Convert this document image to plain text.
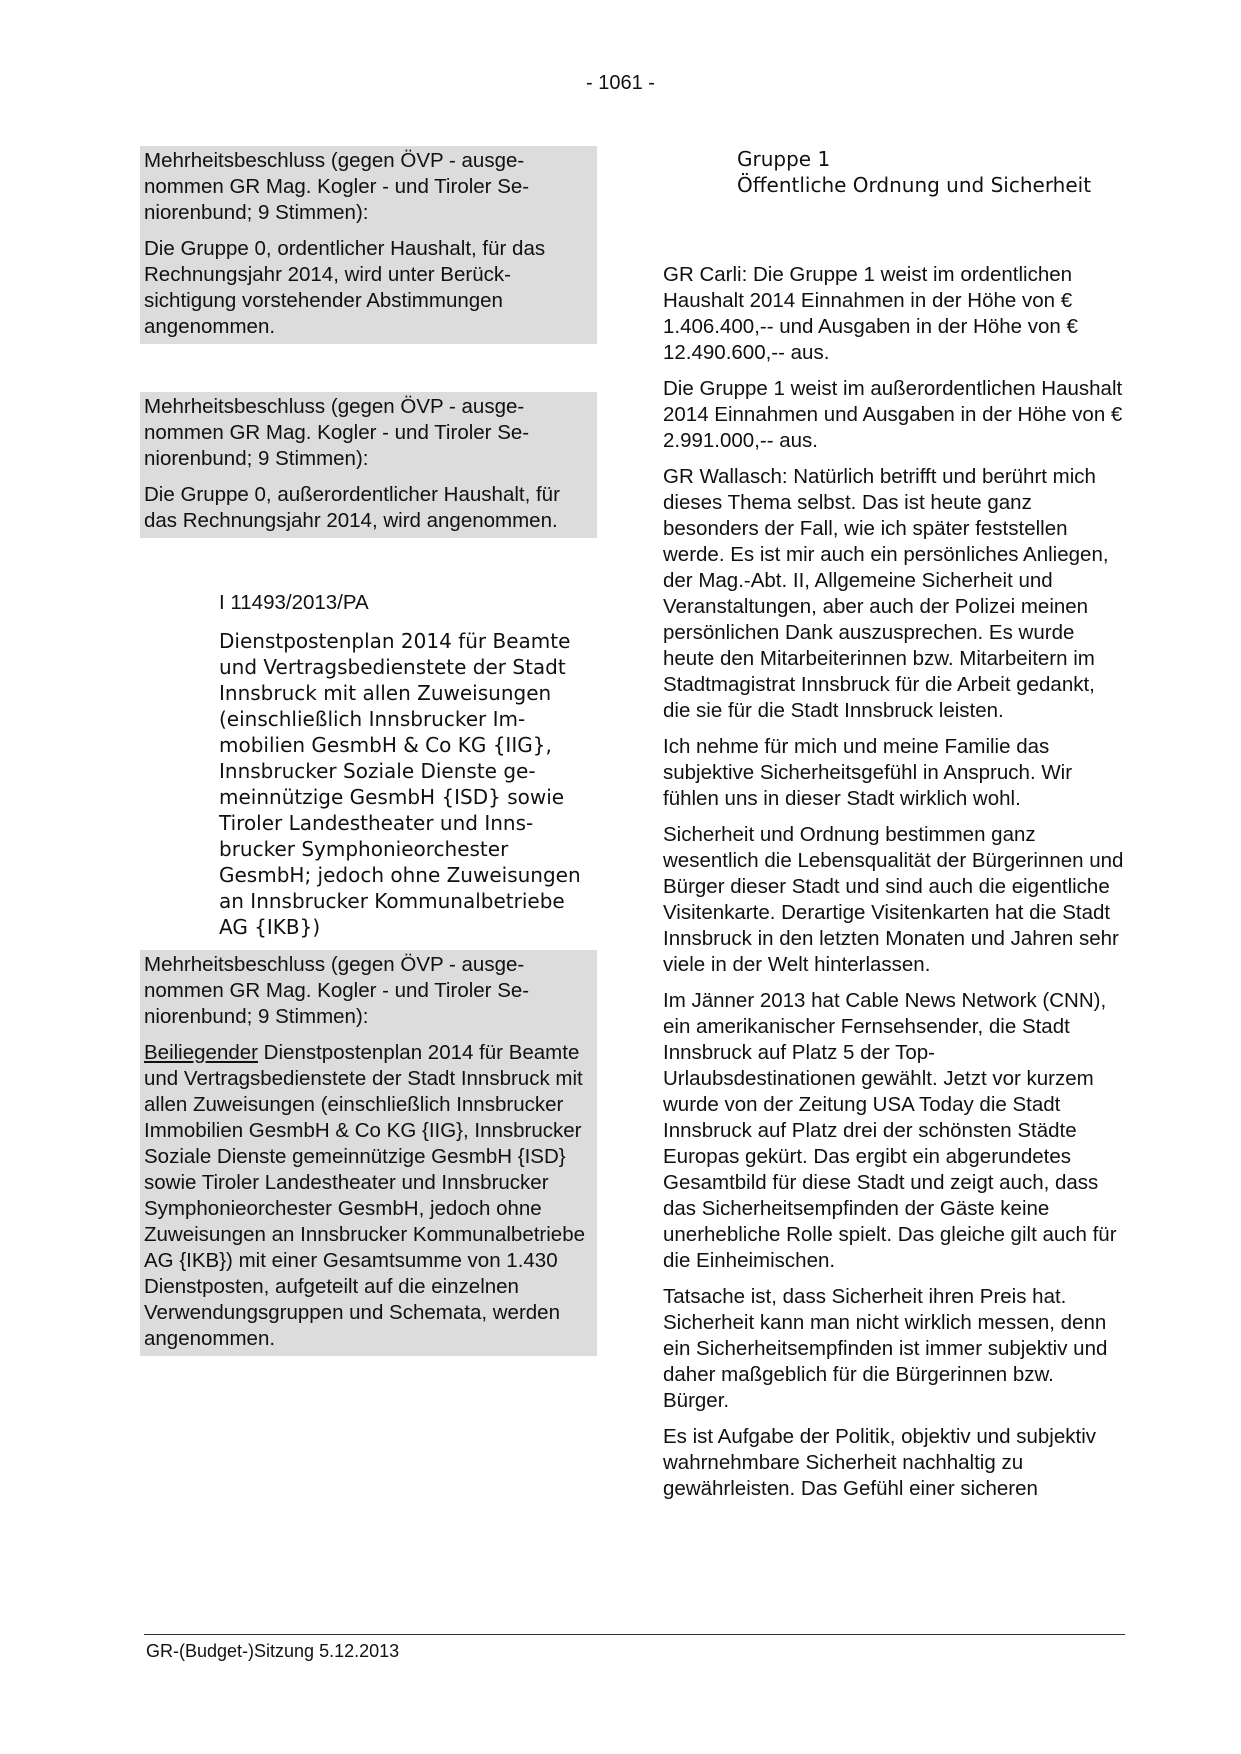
- 1061 -

Mehrheitsbeschluss (gegen ÖVP - ausgenommen GR Mag. Kogler - und Tiroler Seniorenbund; 9 Stimmen):

Die Gruppe 0, ordentlicher Haushalt, für das Rechnungsjahr 2014, wird unter Berücksichtigung vorstehender Abstimmungen angenommen.

Mehrheitsbeschluss (gegen ÖVP - ausgenommen GR Mag. Kogler - und Tiroler Seniorenbund; 9 Stimmen):

Die Gruppe 0, außerordentlicher Haushalt, für das Rechnungsjahr 2014, wird angenommen.

I 11493/2013/PA
Dienstpostenplan 2014 für Beamte und Vertragsbedienstete der Stadt Innsbruck mit allen Zuweisungen (einschließlich Innsbrucker Immobilien GesmbH & Co KG {IIG}, Innsbrucker Soziale Dienste gemeinnützige GesmbH {ISD} sowie Tiroler Landestheater und Innsbrucker Symphonieorchester GesmbH; jedoch ohne Zuweisungen an Innsbrucker Kommunalbetriebe AG {IKB})

Mehrheitsbeschluss (gegen ÖVP - ausgenommen GR Mag. Kogler - und Tiroler Seniorenbund; 9 Stimmen):

Beiliegender Dienstpostenplan 2014 für Beamte und Vertragsbedienstete der Stadt Innsbruck mit allen Zuweisungen (einschließlich Innsbrucker Immobilien GesmbH & Co KG {IIG}, Innsbrucker Soziale Dienste gemeinnützige GesmbH {ISD} sowie Tiroler Landestheater und Innsbrucker Symphonieorchester GesmbH, jedoch ohne Zuweisungen an Innsbrucker Kommunalbetriebe AG {IKB}) mit einer Gesamtsumme von 1.430 Dienstposten, aufgeteilt auf die einzelnen Verwendungsgruppen und Schemata, werden angenommen.

Gruppe 1
Öffentliche Ordnung und Sicherheit

GR Carli: Die Gruppe 1 weist im ordentlichen Haushalt 2014 Einnahmen in der Höhe von € 1.406.400,-- und Ausgaben in der Höhe von € 12.490.600,-- aus.

Die Gruppe 1 weist im außerordentlichen Haushalt 2014 Einnahmen und Ausgaben in der Höhe von € 2.991.000,-- aus.

GR Wallasch: Natürlich betrifft und berührt mich dieses Thema selbst. Das ist heute ganz besonders der Fall, wie ich später feststellen werde. Es ist mir auch ein persönliches Anliegen, der Mag.-Abt. II, Allgemeine Sicherheit und Veranstaltungen, aber auch der Polizei meinen persönlichen Dank auszusprechen. Es wurde heute den Mitarbeiterinnen bzw. Mitarbeitern im Stadtmagistrat Innsbruck für die Arbeit gedankt, die sie für die Stadt Innsbruck leisten.

Ich nehme für mich und meine Familie das subjektive Sicherheitsgefühl in Anspruch. Wir fühlen uns in dieser Stadt wirklich wohl.

Sicherheit und Ordnung bestimmen ganz wesentlich die Lebensqualität der Bürgerinnen und Bürger dieser Stadt und sind auch die eigentliche Visitenkarte. Derartige Visitenkarten hat die Stadt Innsbruck in den letzten Monaten und Jahren sehr viele in der Welt hinterlassen.

Im Jänner 2013 hat Cable News Network (CNN), ein amerikanischer Fernsehsender, die Stadt Innsbruck auf Platz 5 der Top-Urlaubsdestinationen gewählt. Jetzt vor kurzem wurde von der Zeitung USA Today die Stadt Innsbruck auf Platz drei der schönsten Städte Europas gekürt. Das ergibt ein abgerundetes Gesamtbild für diese Stadt und zeigt auch, dass das Sicherheitsempfinden der Gäste keine unerhebliche Rolle spielt. Das gleiche gilt auch für die Einheimischen.

Tatsache ist, dass Sicherheit ihren Preis hat. Sicherheit kann man nicht wirklich messen, denn ein Sicherheitsempfinden ist immer subjektiv und daher maßgeblich für die Bürgerinnen bzw. Bürger.

Es ist Aufgabe der Politik, objektiv und subjektiv wahrnehmbare Sicherheit nachhaltig zu gewährleisten. Das Gefühl einer sicheren

GR-(Budget-)Sitzung 5.12.2013
